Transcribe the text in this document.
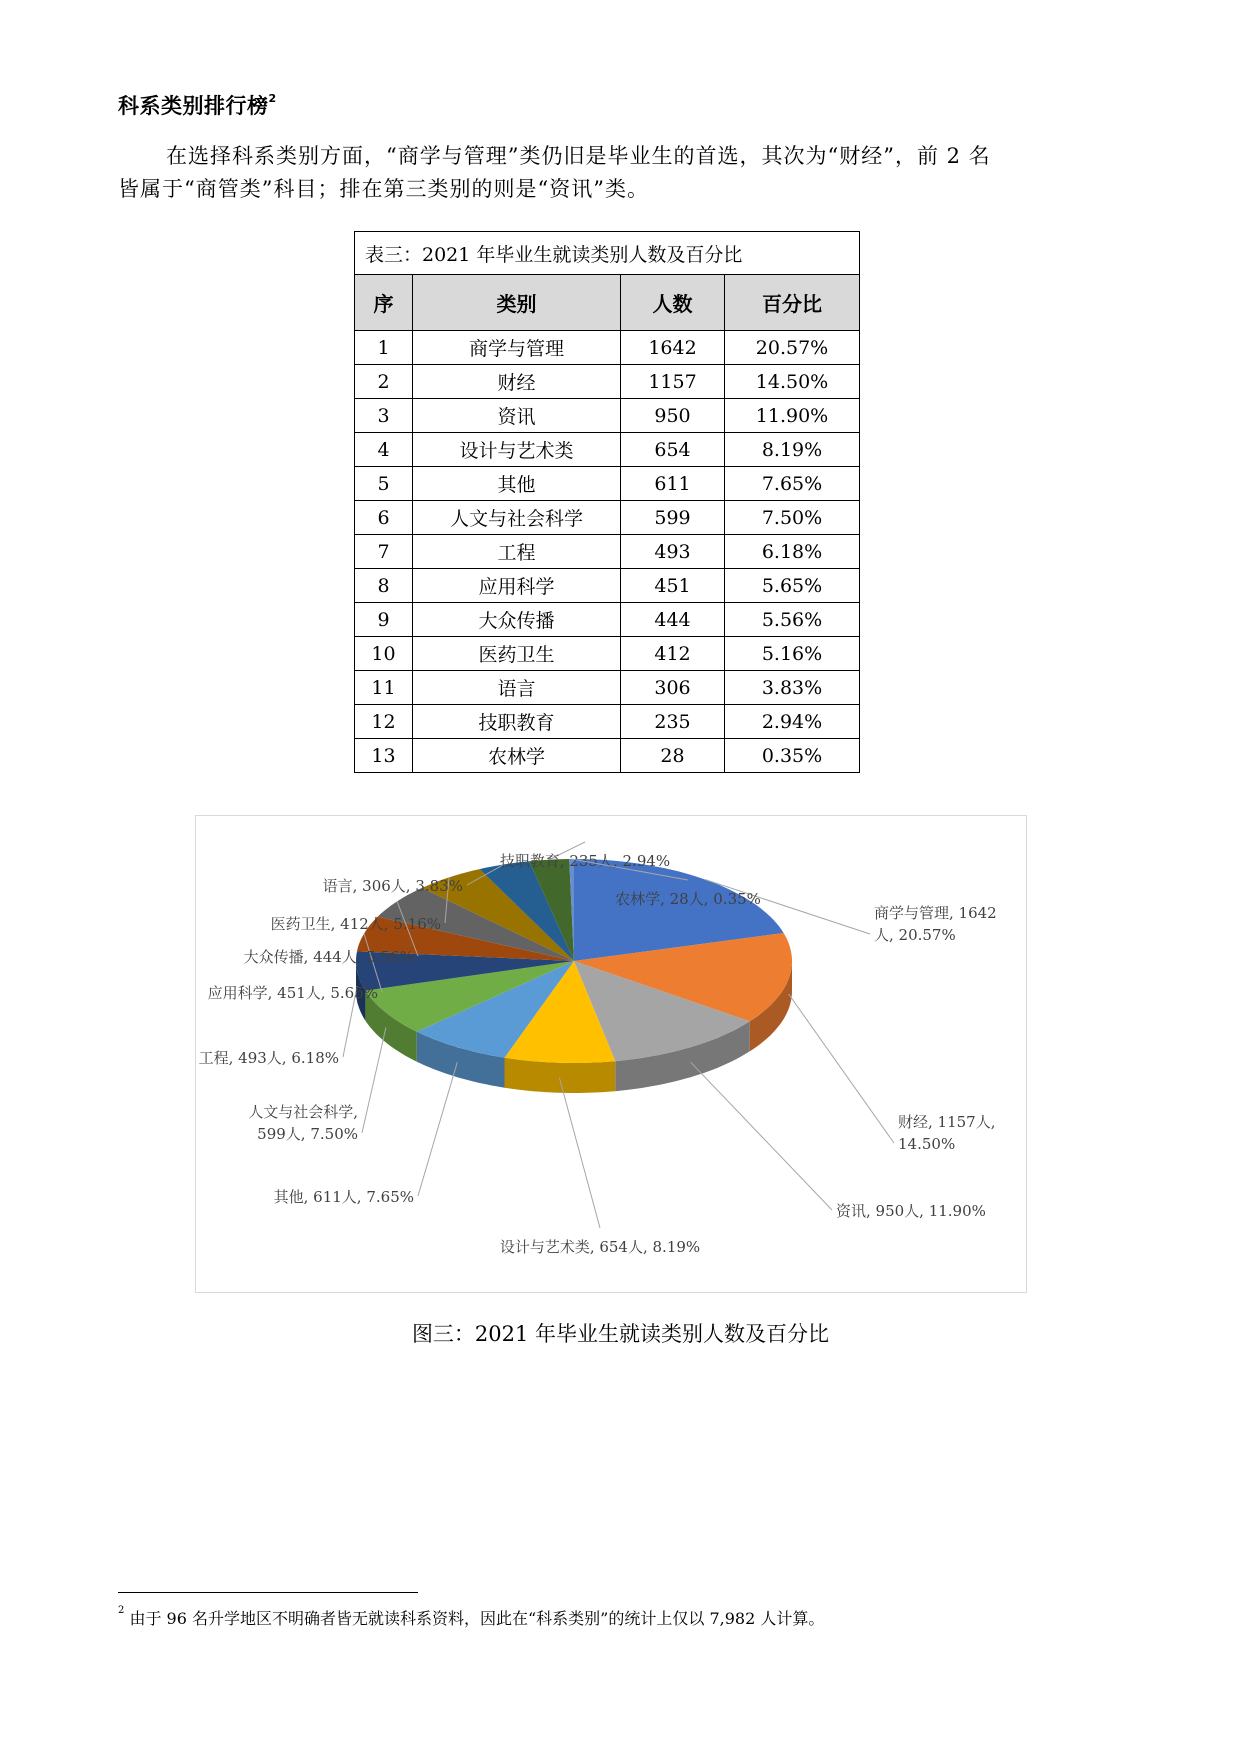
科系类别排行榜$^2$

在选择科系类别方面，“商学与管理”类仍旧是毕业生的首选，其次为“财经”，前 2 名
皆属于“商管类”科目；排在第三类别的则是“资讯”类。

表三：2021 年毕业生就读类别人数及百分比			
序	类别	人数	百分比
1	商学与管理	1642	20.57%
2	财经	1157	14.50%
3	资讯	950	11.90%
4	设计与艺术类	654	8.19%
5	其他	611	7.65%
6	人文与社会科学	599	7.50%
7	工程	493	6.18%
8	应用科学	451	5.65%
9	大众传播	444	5.56%
10	医药卫生	412	5.16%
11	语言	306	3.83%
12	技职教育	235	2.94%
13	农林学	28	0.35%
商学与管理, 1642
人, 20.57%
财经, 1157人,
14.50%
资讯, 950人, 11.90%
设计与艺术类, 654人, 8.19%
其他, 611人, 7.65%
人文与社会科学,
599人, 7.50%
工程, 493人, 6.18%
应用科学, 451人, 5.65%
大众传播, 444人, 5.56%
医药卫生, 412人, 5.16%
语言, 306人, 3.83%
技职教育, 235人, 2.94%
农林学, 28人, 0.35%

图三：2021 年毕业生就读类别人数及百分比

$^2$ 由于 96 名升学地区不明确者皆无就读科系资料，因此在“科系类别”的统计上仅以 7,982 人计算。
